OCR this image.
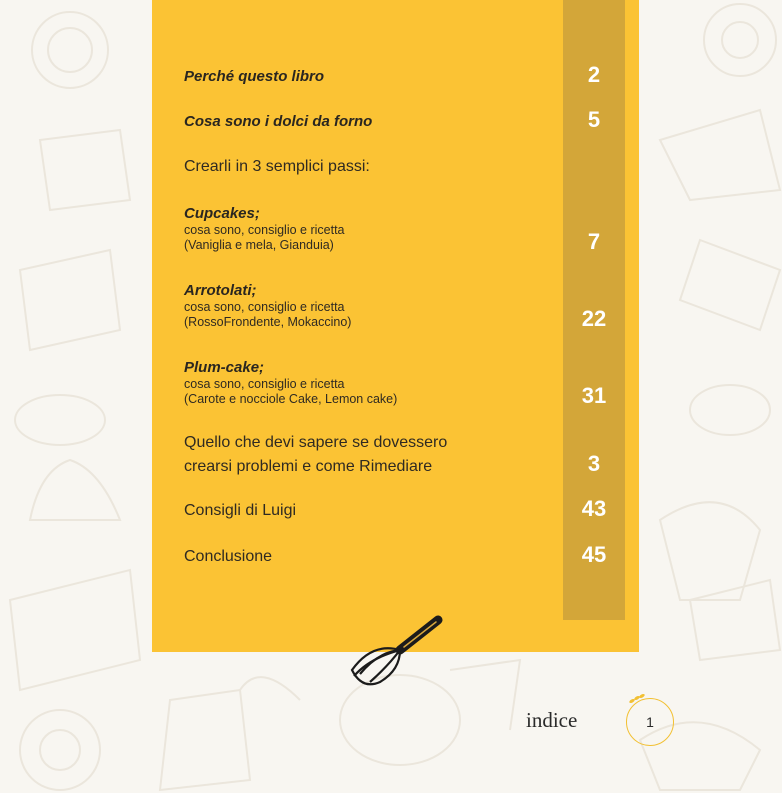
Perché questo libro	2
Cosa sono i dolci da forno	5
Crearli in 3 semplici passi:
Cupcakes;
cosa sono, consiglio e ricetta
(Vaniglia e mela, Gianduia)	7
Arrotolati;
cosa sono, consiglio e ricetta
(RossoFrondente, Mokaccino)	22
Plum-cake;
cosa sono, consiglio e ricetta
(Carote e nocciole Cake, Lemon cake)	31
Quello che devi sapere se dovessero
crearsi problemi e come Rimediare	3
Consigli di Luigi	43
Conclusione	45
indice	1
